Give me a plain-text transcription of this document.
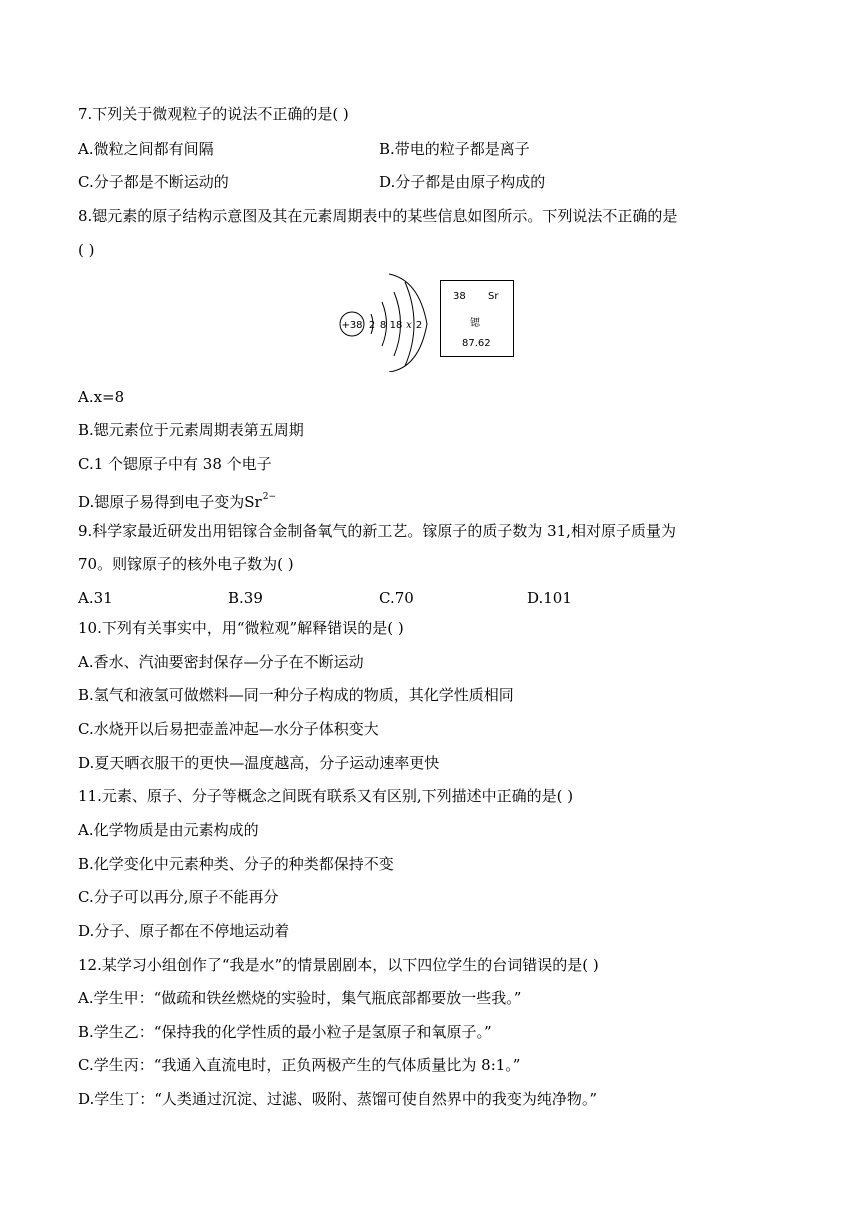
7.下列关于微观粒子的说法不正确的是( )
A.微粒之间都有间隔	B.带电的粒子都是离子
C.分子都是不断运动的	D.分子都是由原子构成的
8.锶元素的原子结构示意图及其在元素周期表中的某些信息如图所示。下列说法不正确的是
( )
+38 2 8 18 x 2
38 Sr
锶
87.62
A.x=8
B.锶元素位于元素周期表第五周期
C.1 个锶原子中有 38 个电子
D.锶原子易得到电子变为$Sr^{2-}$
9.科学家最近研发出用铝镓合金制备氧气的新工艺。镓原子的质子数为 31,相对原子质量为
70。则镓原子的核外电子数为( )
A.31	B.39	C.70	D.101
10.下列有关事实中，用“微粒观”解释错误的是( )
A.香水、汽油要密封保存—分子在不断运动
B.氢气和液氢可做燃料—同一种分子构成的物质，其化学性质相同
C.水烧开以后易把壶盖冲起—水分子体积变大
D.夏天晒衣服干的更快—温度越高，分子运动速率更快
11.元素、原子、分子等概念之间既有联系又有区别,下列描述中正确的是( )
A.化学物质是由元素构成的
B.化学变化中元素种类、分子的种类都保持不变
C.分子可以再分,原子不能再分
D.分子、原子都在不停地运动着
12.某学习小组创作了“我是水”的情景剧剧本，以下四位学生的台词错误的是( )
A.学生甲：“做疏和铁丝燃烧的实验时，集气瓶底部都要放一些我。”
B.学生乙：“保持我的化学性质的最小粒子是氢原子和氧原子。”
C.学生丙：“我通入直流电时，正负两极产生的气体质量比为 8:1。”
D.学生丁：“人类通过沉淀、过滤、吸附、蒸馏可使自然界中的我变为纯净物。”
